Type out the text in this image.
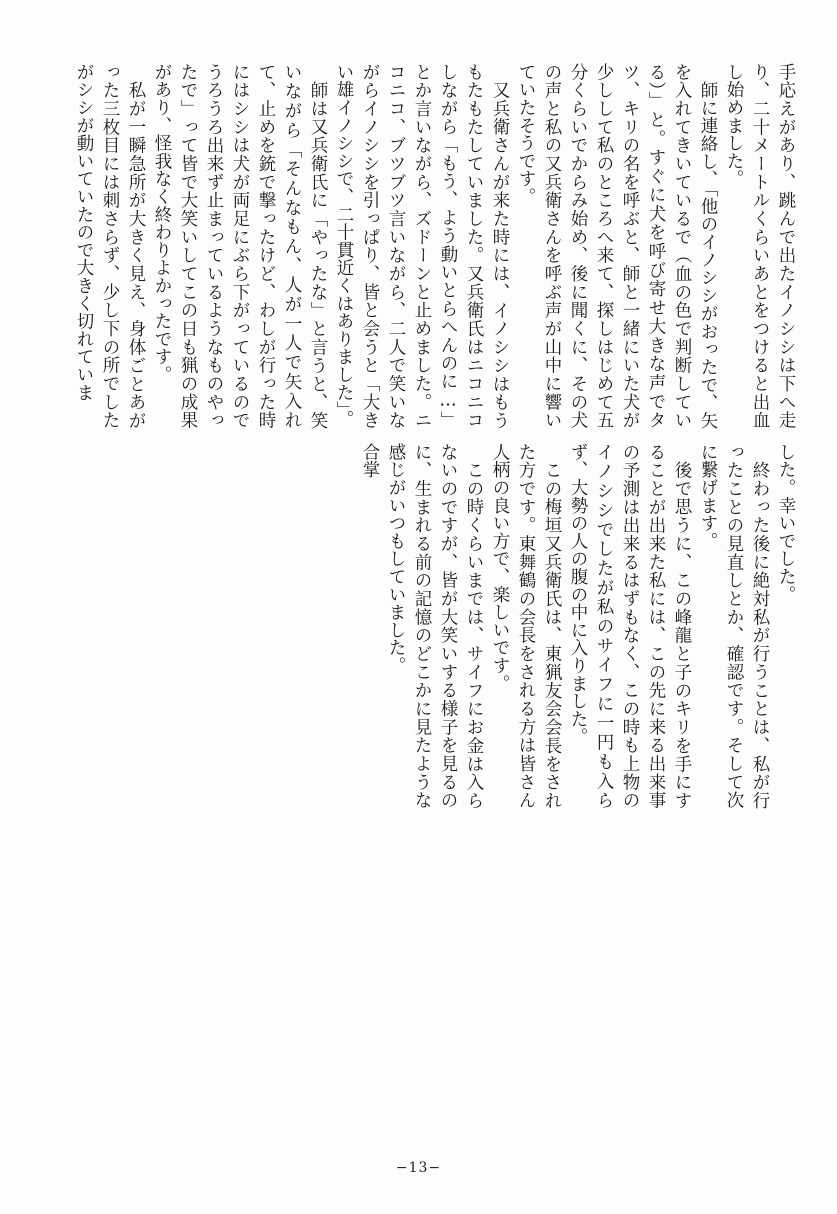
手応えがあり、跳んで出たイノシシは下へ走り、二十メートルくらいあとをつけると出血し始めました。

師に連絡し、「他のイノシシがおったで、矢を入れてきいているで（血の色で判断している）」と。すぐに犬を呼び寄せ大きな声でタツ、キリの名を呼ぶと、師と一緒にいた犬が少しして私のところへ来て、探しはじめて五分くらいでからみ始め、後に聞くに、その犬の声と私の又兵衛さんを呼ぶ声が山中に響いていたそうです。

又兵衛さんが来た時には、イノシシはもうもたもたしていました。又兵衛氏はニコニコしながら「もう、よう動いとらへんのに…」とか言いながら、ズドーンと止めました。ニコニコ、ブツブツ言いながら、二人で笑いながらイノシシを引っぱり、皆と会うと「大きい雄イノシシで、二十貫近くはありました」。

師は又兵衛氏に「やったな」と言うと、笑いながら「そんなもん、人が一人で矢入れて、止めを銃で撃ったけど、わしが行った時にはシシは犬が両足にぶら下がっているのでうろうろ出来ず止まっているようなものやったで」って皆で大笑いしてこの日も猟の成果があり、怪我なく終わりよかったです。

私が一瞬急所が大きく見え、身体ごとあがった三枚目には刺さらず、少し下の所でしたがシシが動いていたので大きく切れていま

した。幸いでした。

終わった後に絶対私が行うことは、私が行ったことの見直しとか、確認です。そして次に繋げます。

後で思うに、この峰龍と子のキリを手にすることが出来た私には、この先に来る出来事の予測は出来るはずもなく、この時も上物のイノシシでしたが私のサイフに一円も入らず、大勢の人の腹の中に入りました。

この梅垣又兵衛氏は、東猟友会会長をされた方です。東舞鶴の会長をされる方は皆さん人柄の良い方で、楽しいです。

この時くらいまでは、サイフにお金は入らないのですが、皆が大笑いする様子を見るのに、生まれる前の記憶のどこかに見たような感じがいつもしていました。

合掌

−13−
